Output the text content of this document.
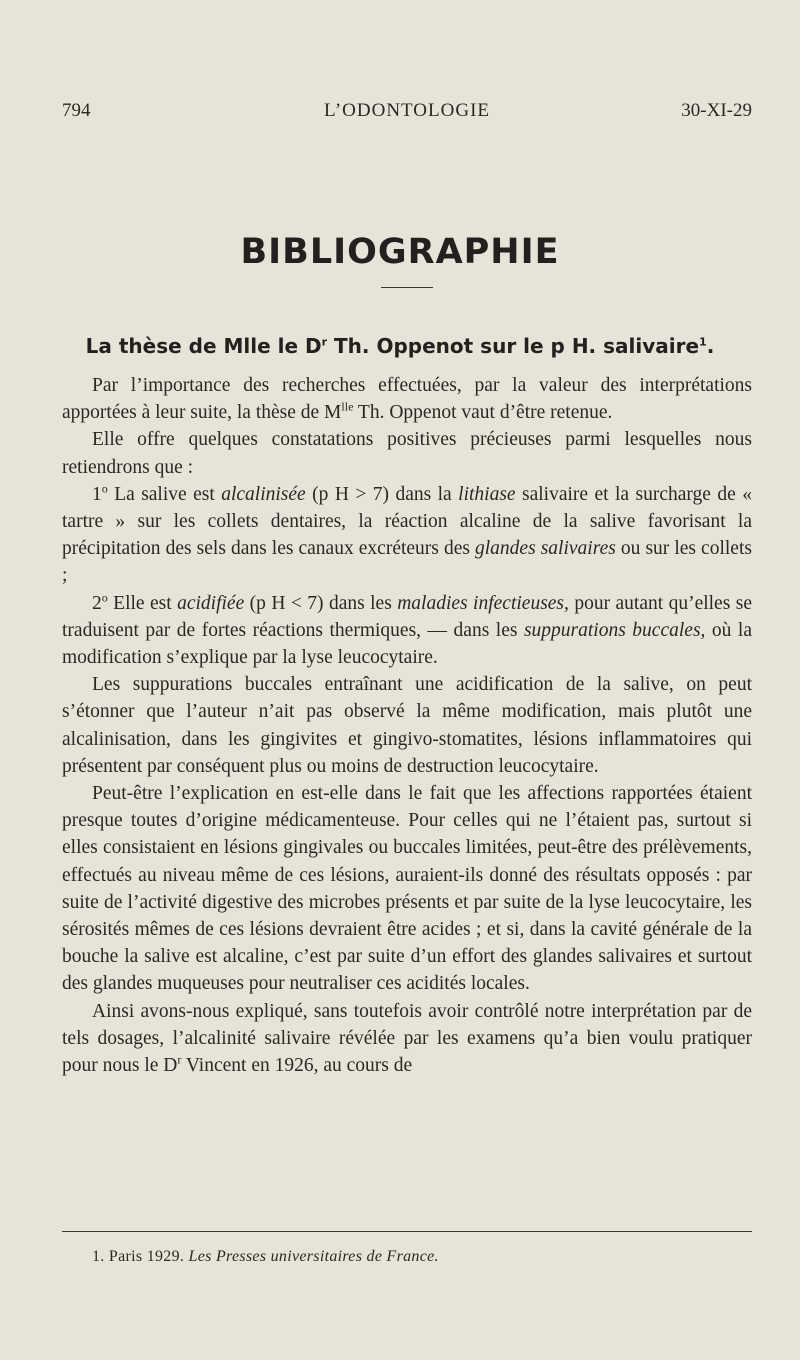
794	L’ODONTOLOGIE	30-XI-29
BIBLIOGRAPHIE
La thèse de Mlle le $D^r$ Th. Oppenot sur le p H. salivaire$^1$.

Par l’importance des recherches effectuées, par la valeur des interprétations apportées à leur suite, la thèse de $M^{lle}$ Th. Oppenot vaut d’être retenue.

Elle offre quelques constatations positives précieuses parmi lesquelles nous retiendrons que :

1$^o$ La salive est alcalinisée (p H > 7) dans la lithiase salivaire et la surcharge de « tartre » sur les collets dentaires, la réaction alcaline de la salive favorisant la précipitation des sels dans les canaux excréteurs des glandes salivaires ou sur les collets ;

2$^o$ Elle est acidifiée (p H < 7) dans les maladies infectieuses, pour autant qu’elles se traduisent par de fortes réactions thermiques, — dans les suppurations buccales, où la modification s’explique par la lyse leucocytaire.

Les suppurations buccales entraînant une acidification de la salive, on peut s’étonner que l’auteur n’ait pas observé la même modification, mais plutôt une alcalinisation, dans les gingivites et gingivo-stomatites, lésions inflammatoires qui présentent par conséquent plus ou moins de destruction leucocytaire.

Peut-être l’explication en est-elle dans le fait que les affections rapportées étaient presque toutes d’origine médicamenteuse. Pour celles qui ne l’étaient pas, surtout si elles consistaient en lésions gingivales ou buccales limitées, peut-être des prélèvements, effectués au niveau même de ces lésions, auraient-ils donné des résultats opposés : par suite de l’activité digestive des microbes présents et par suite de la lyse leucocytaire, les sérosités mêmes de ces lésions devraient être acides ; et si, dans la cavité générale de la bouche la salive est alcaline, c’est par suite d’un effort des glandes salivaires et surtout des glandes muqueuses pour neutraliser ces acidités locales.

Ainsi avons-nous expliqué, sans toutefois avoir contrôlé notre interprétation par de tels dosages, l’alcalinité salivaire révélée par les examens qu’a bien voulu pratiquer pour nous le $D^r$ Vincent en 1926, au cours de

1. Paris 1929. Les Presses universitaires de France.
